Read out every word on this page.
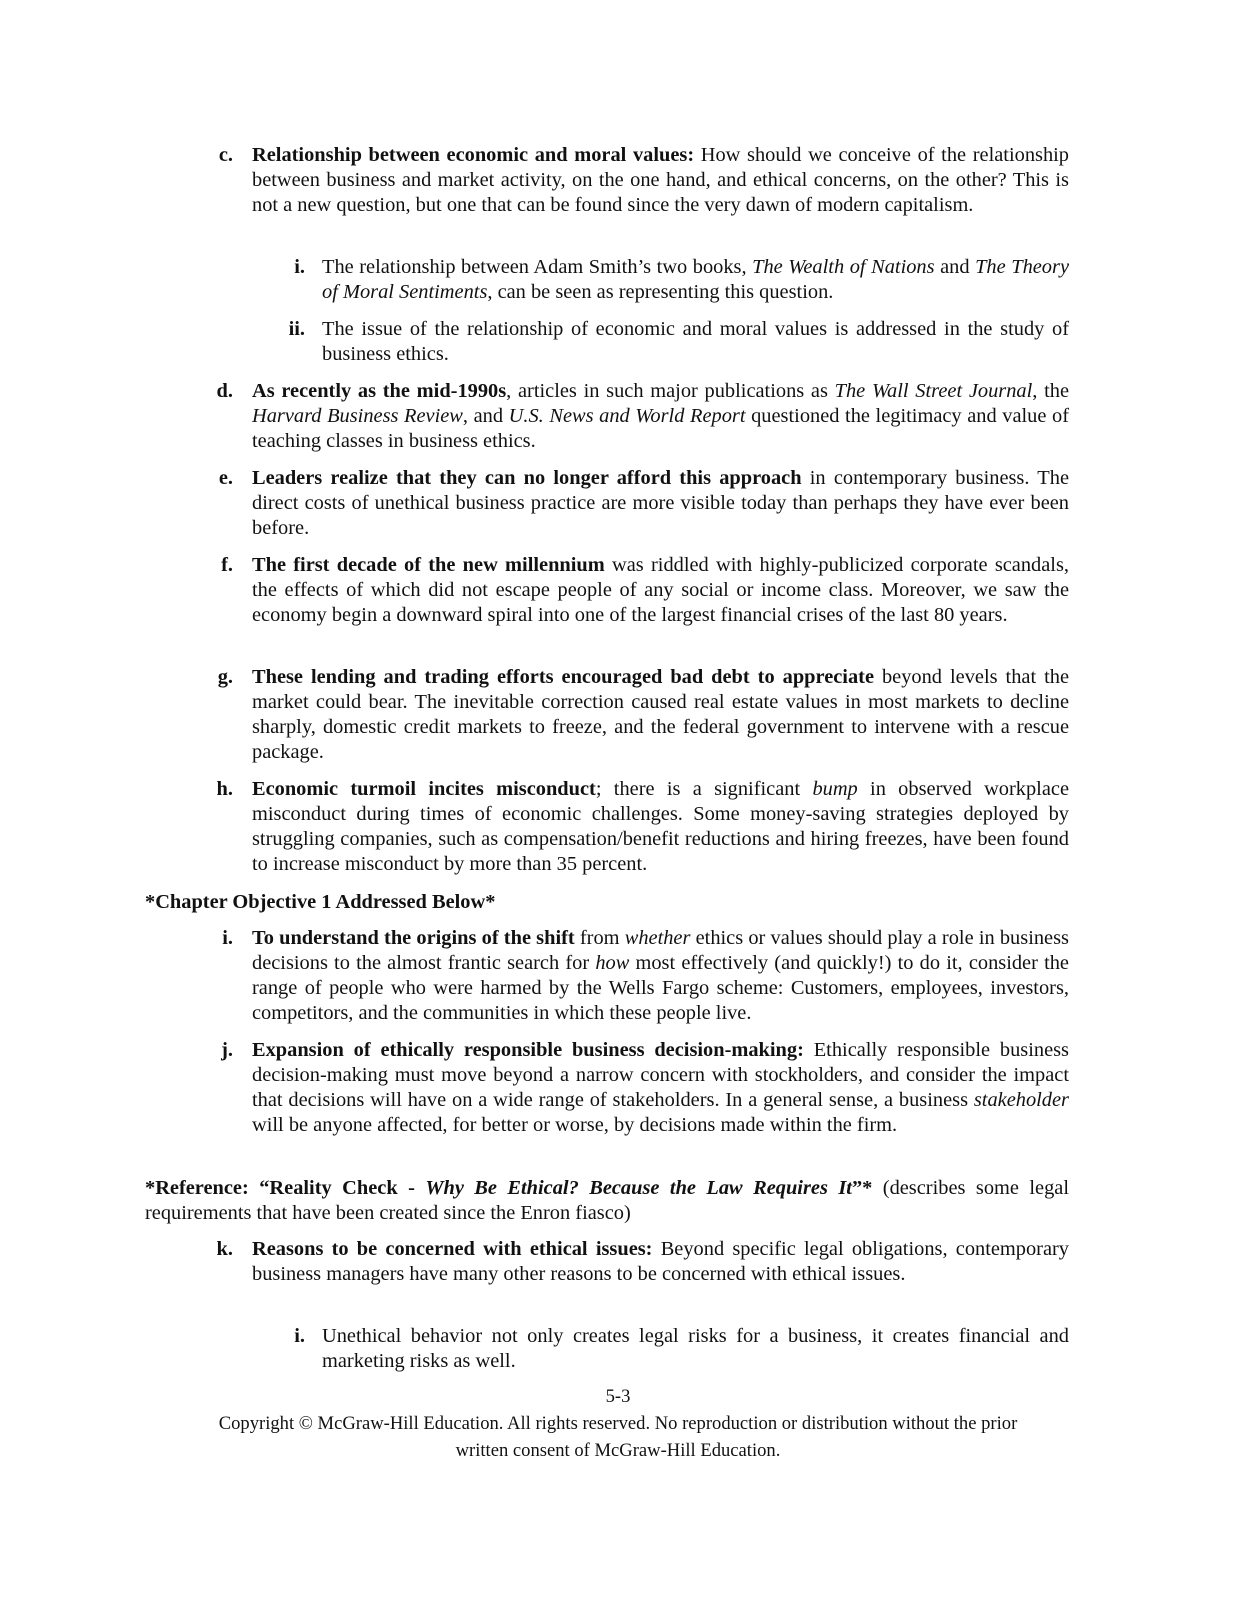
c. Relationship between economic and moral values: How should we conceive of the relationship between business and market activity, on the one hand, and ethical concerns, on the other? This is not a new question, but one that can be found since the very dawn of modern capitalism.
i. The relationship between Adam Smith’s two books, The Wealth of Nations and The Theory of Moral Sentiments, can be seen as representing this question.
ii. The issue of the relationship of economic and moral values is addressed in the study of business ethics.
d. As recently as the mid-1990s, articles in such major publications as The Wall Street Journal, the Harvard Business Review, and U.S. News and World Report questioned the legitimacy and value of teaching classes in business ethics.
e. Leaders realize that they can no longer afford this approach in contemporary business. The direct costs of unethical business practice are more visible today than perhaps they have ever been before.
f. The first decade of the new millennium was riddled with highly-publicized corporate scandals, the effects of which did not escape people of any social or income class. Moreover, we saw the economy begin a downward spiral into one of the largest financial crises of the last 80 years.
g. These lending and trading efforts encouraged bad debt to appreciate beyond levels that the market could bear. The inevitable correction caused real estate values in most markets to decline sharply, domestic credit markets to freeze, and the federal government to intervene with a rescue package.
h. Economic turmoil incites misconduct; there is a significant bump in observed workplace misconduct during times of economic challenges. Some money-saving strategies deployed by struggling companies, such as compensation/benefit reductions and hiring freezes, have been found to increase misconduct by more than 35 percent.
*Chapter Objective 1 Addressed Below*
i. To understand the origins of the shift from whether ethics or values should play a role in business decisions to the almost frantic search for how most effectively (and quickly!) to do it, consider the range of people who were harmed by the Wells Fargo scheme: Customers, employees, investors, competitors, and the communities in which these people live.
j. Expansion of ethically responsible business decision-making: Ethically responsible business decision-making must move beyond a narrow concern with stockholders, and consider the impact that decisions will have on a wide range of stakeholders. In a general sense, a business stakeholder will be anyone affected, for better or worse, by decisions made within the firm.
*Reference: “Reality Check - Why Be Ethical? Because the Law Requires It”* (describes some legal requirements that have been created since the Enron fiasco)
k. Reasons to be concerned with ethical issues: Beyond specific legal obligations, contemporary business managers have many other reasons to be concerned with ethical issues.
i. Unethical behavior not only creates legal risks for a business, it creates financial and marketing risks as well.
5-3
Copyright © McGraw-Hill Education. All rights reserved. No reproduction or distribution without the prior
written consent of McGraw-Hill Education.
